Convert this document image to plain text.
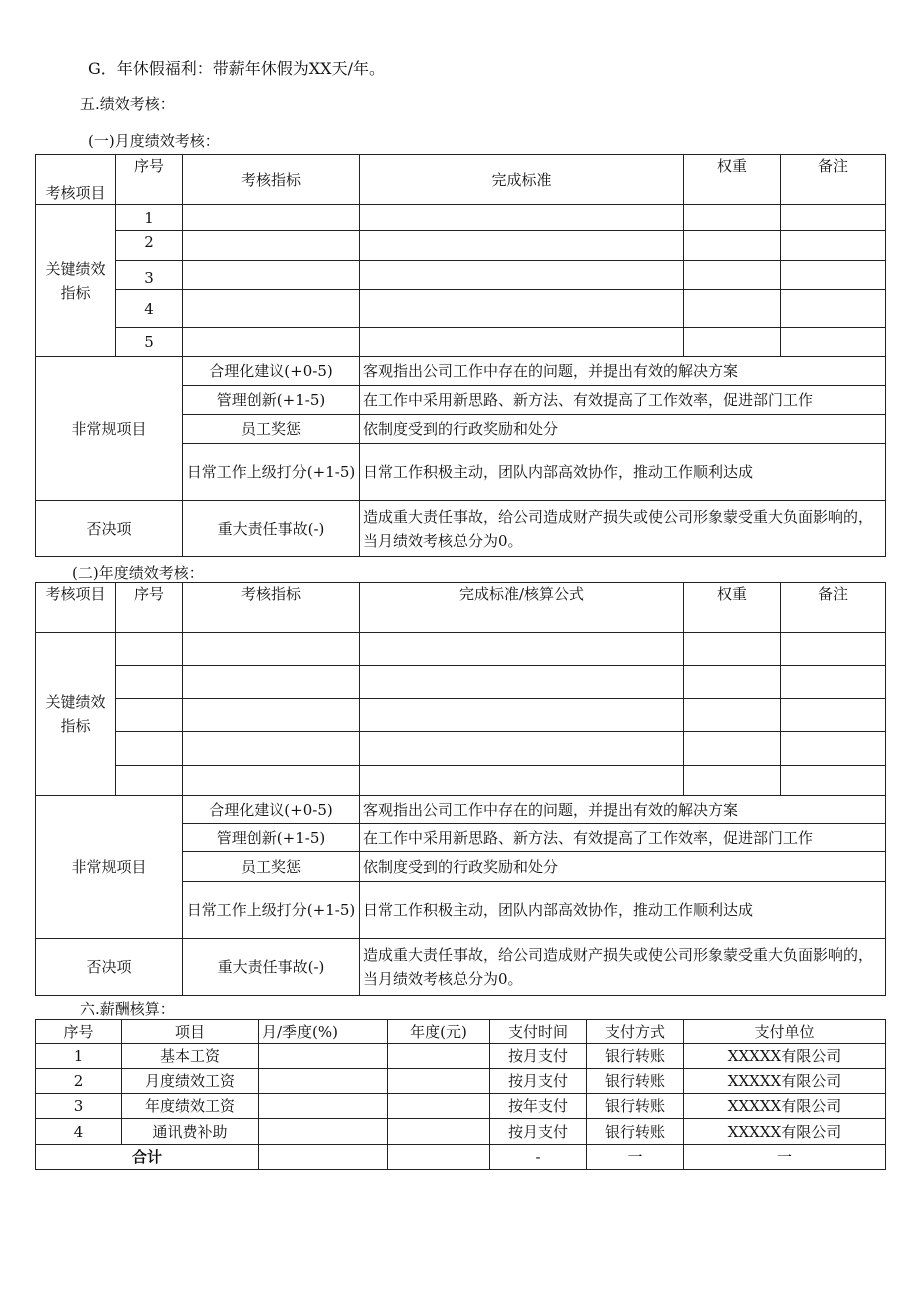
G．年休假福利：带薪年休假为XX天/年。
五.绩效考核：
(一)月度绩效考核：
考核项目	序号	考核指标	完成标准	权重	备注
关键绩效指标	1				
	2				
	3				
	4				
	5				
非常规项目		合理化建议(+0-5)	客观指出公司工作中存在的问题，并提出有效的解决方案		
		管理创新(+1-5)	在工作中采用新思路、新方法、有效提高了工作效率，促进部门工作		
		员工奖惩	依制度受到的行政奖励和处分		
		日常工作上级打分(+1-5)	日常工作积极主动，团队内部高效协作，推动工作顺利达成		
否决项		重大责任事故(-)	造成重大责任事故，给公司造成财产损失或使公司形象蒙受重大负面影响的，当月绩效考核总分为0。		
(二)年度绩效考核：
考核项目	序号	考核指标	完成标准/核算公式	权重	备注
关键绩效指标					

非常规项目		合理化建议(+0-5)	客观指出公司工作中存在的问题，并提出有效的解决方案		
		管理创新(+1-5)	在工作中采用新思路、新方法、有效提高了工作效率，促进部门工作		
		员工奖惩	依制度受到的行政奖励和处分		
		日常工作上级打分(+1-5)	日常工作积极主动，团队内部高效协作，推动工作顺利达成		
否决项		重大责任事故(-)	造成重大责任事故，给公司造成财产损失或使公司形象蒙受重大负面影响的，当月绩效考核总分为0。		
六.薪酬核算：
序号	项目	月/季度(%)	年度(元)	支付时间	支付方式	支付单位
1	基本工资			按月支付	银行转账	XXXXX有限公司
2	月度绩效工资			按月支付	银行转账	XXXXX有限公司
3	年度绩效工资			按年支付	银行转账	XXXXX有限公司
4	通讯费补助			按月支付	银行转账	XXXXX有限公司
合计				-	一	一
